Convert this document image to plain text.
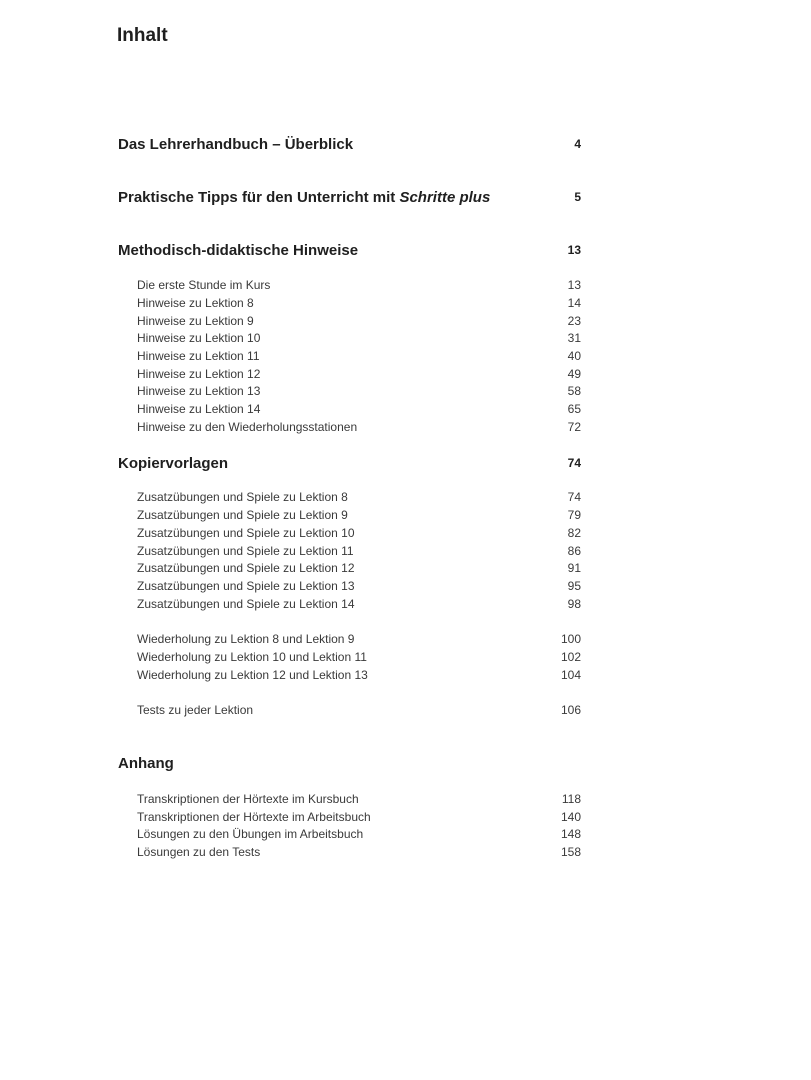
Inhalt
Das Lehrerhandbuch – Überblick	4
Praktische Tipps für den Unterricht mit Schritte plus	5
Methodisch-didaktische Hinweise	13
Die erste Stunde im Kurs	13
Hinweise zu Lektion 8	14
Hinweise zu Lektion 9	23
Hinweise zu Lektion 10	31
Hinweise zu Lektion 11	40
Hinweise zu Lektion 12	49
Hinweise zu Lektion 13	58
Hinweise zu Lektion 14	65
Hinweise zu den Wiederholungsstationen	72
Kopiervorlagen	74
Zusatzübungen und Spiele zu Lektion 8	74
Zusatzübungen und Spiele zu Lektion 9	79
Zusatzübungen und Spiele zu Lektion 10	82
Zusatzübungen und Spiele zu Lektion 11	86
Zusatzübungen und Spiele zu Lektion 12	91
Zusatzübungen und Spiele zu Lektion 13	95
Zusatzübungen und Spiele zu Lektion 14	98
Wiederholung zu Lektion 8 und Lektion 9	100
Wiederholung zu Lektion 10 und Lektion 11	102
Wiederholung zu Lektion 12 und Lektion 13	104
Tests zu jeder Lektion	106
Anhang
Transkriptionen der Hörtexte im Kursbuch	118
Transkriptionen der Hörtexte im Arbeitsbuch	140
Lösungen zu den Übungen im Arbeitsbuch	148
Lösungen zu den Tests	158
